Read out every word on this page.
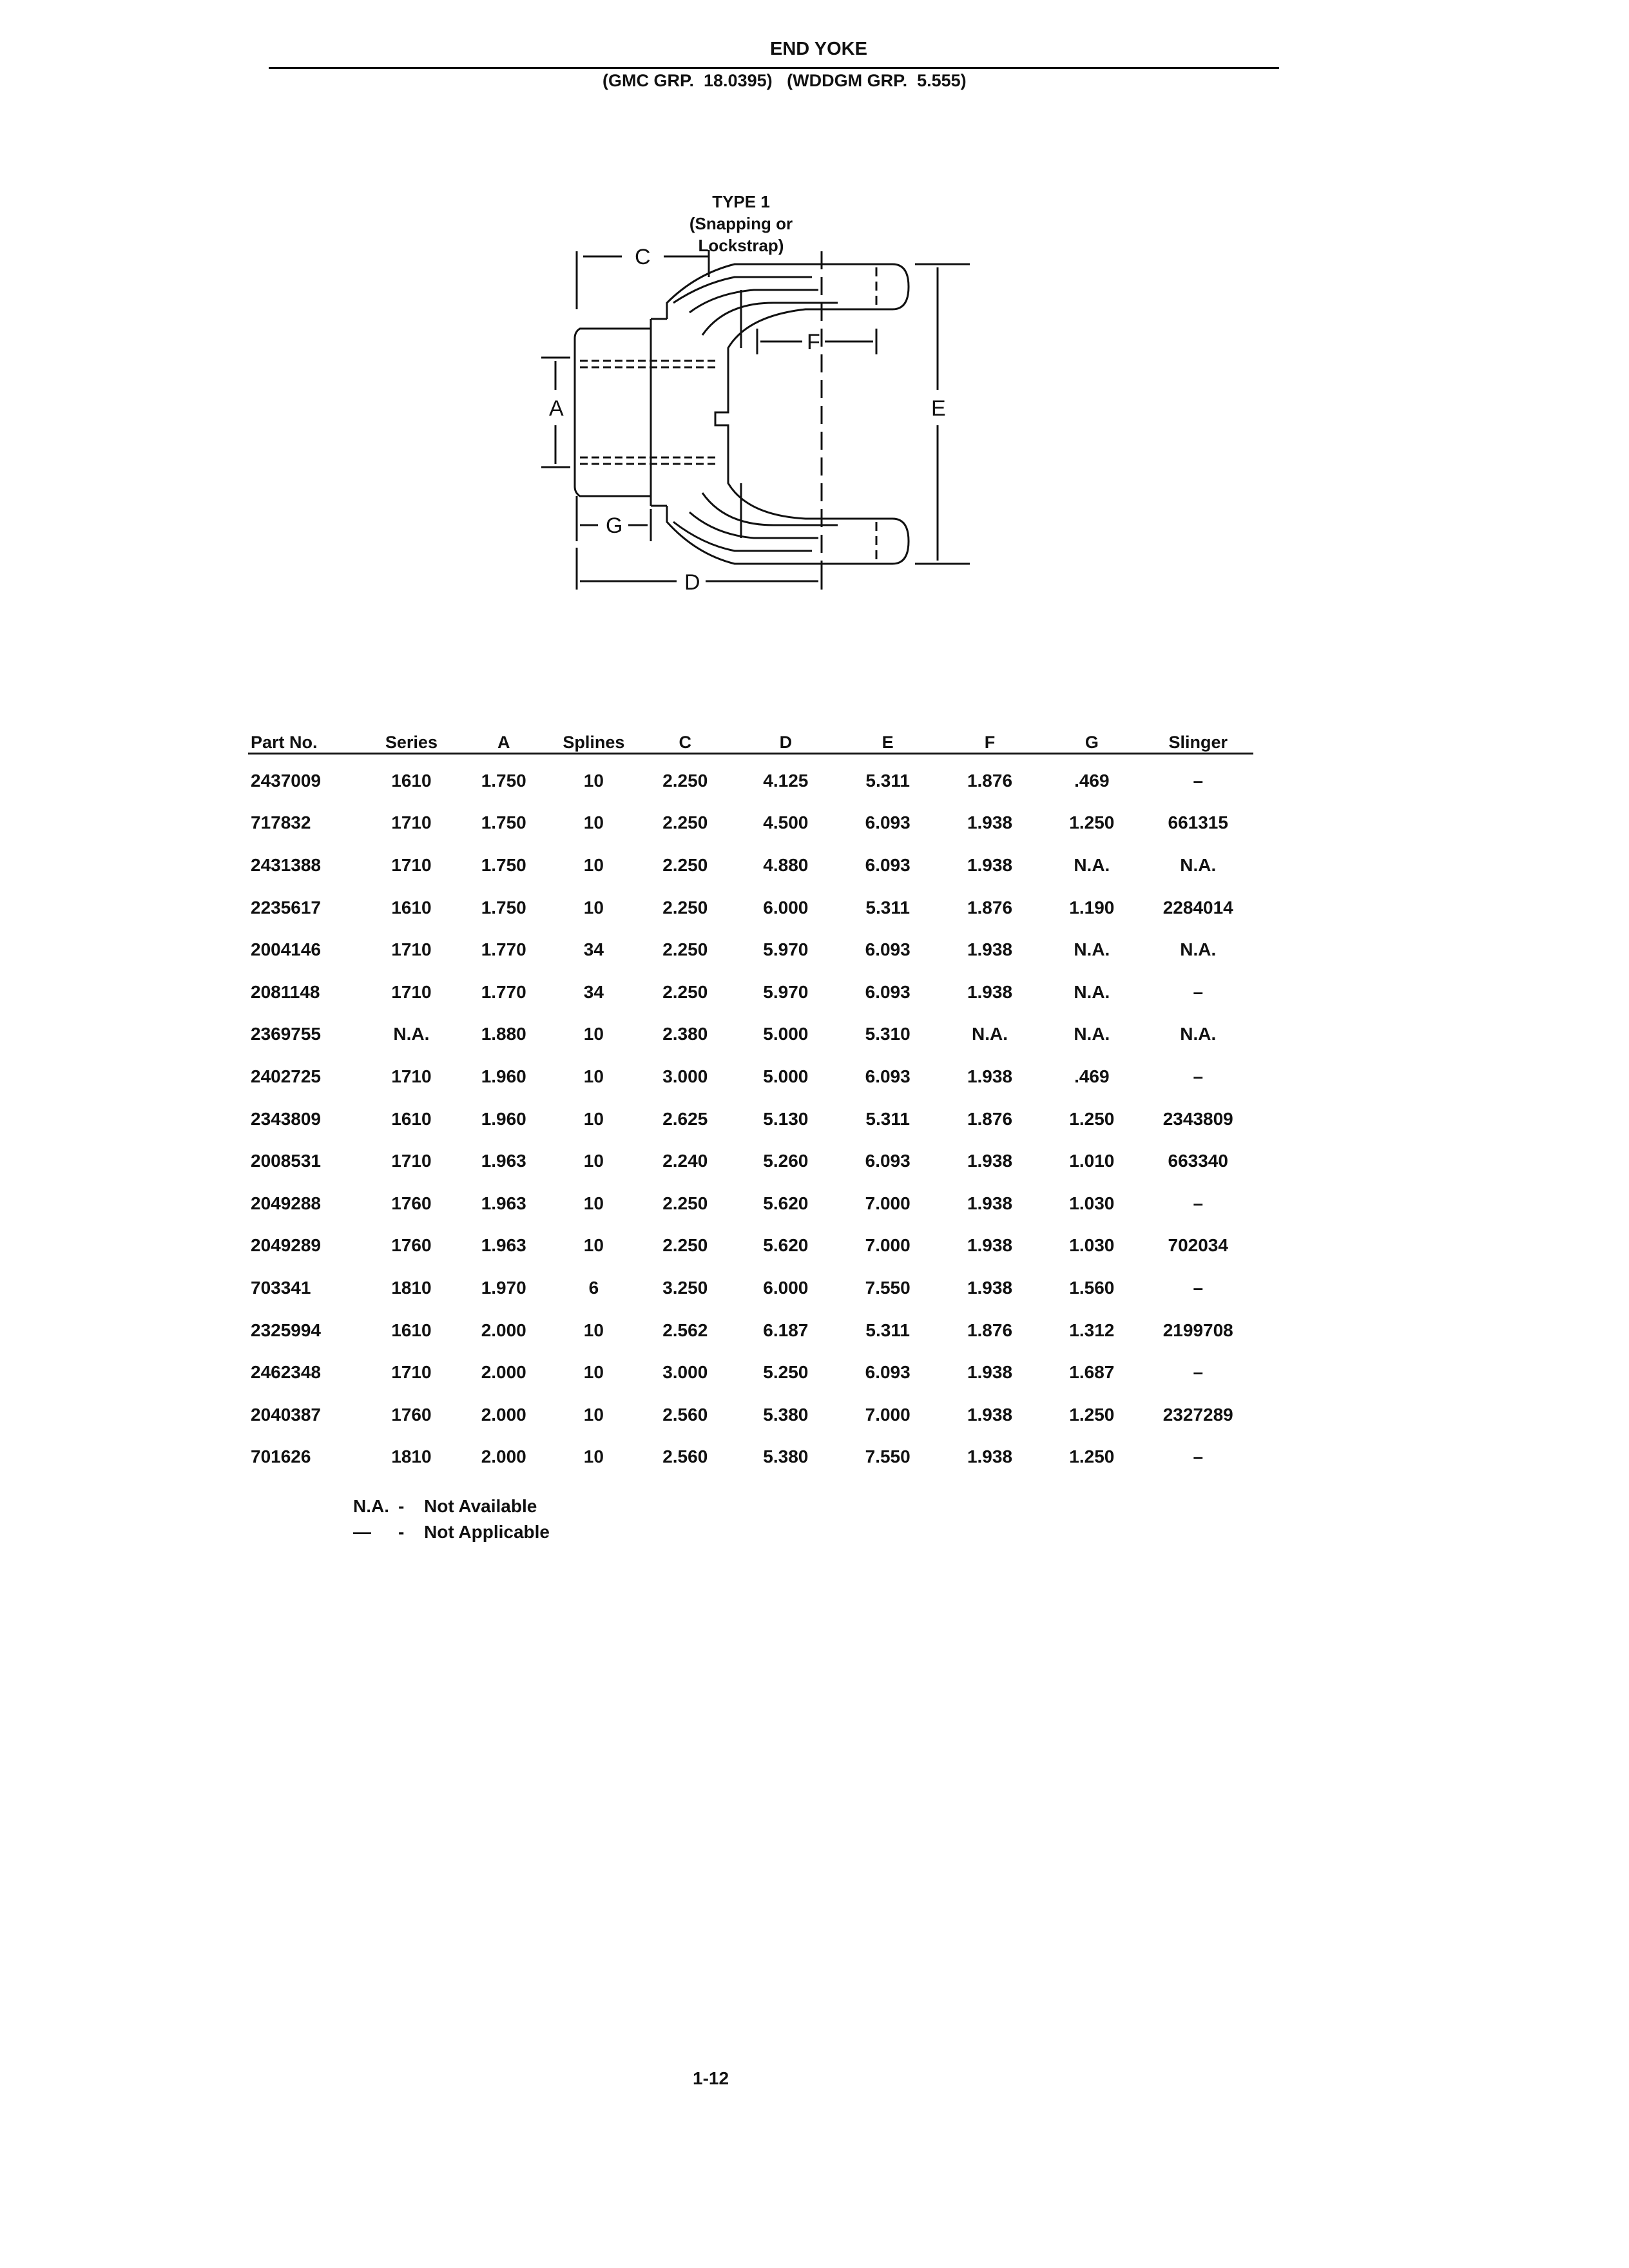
END YOKE
(GMC GRP.  18.0395)   (WDDGM GRP.  5.555)
TYPE 1
(Snapping or Lockstrap)
C
F
E
A
G
D
Part No.	Series	A	Splines	C	D	E	F	G	Slinger
2437009	1610	1.750	10	2.250	4.125	5.311	1.876	.469	–
717832	1710	1.750	10	2.250	4.500	6.093	1.938	1.250	661315
2431388	1710	1.750	10	2.250	4.880	6.093	1.938	N.A.	N.A.
2235617	1610	1.750	10	2.250	6.000	5.311	1.876	1.190	2284014
2004146	1710	1.770	34	2.250	5.970	6.093	1.938	N.A.	N.A.
2081148	1710	1.770	34	2.250	5.970	6.093	1.938	N.A.	–
2369755	N.A.	1.880	10	2.380	5.000	5.310	N.A.	N.A.	N.A.
2402725	1710	1.960	10	3.000	5.000	6.093	1.938	.469	–
2343809	1610	1.960	10	2.625	5.130	5.311	1.876	1.250	2343809
2008531	1710	1.963	10	2.240	5.260	6.093	1.938	1.010	663340
2049288	1760	1.963	10	2.250	5.620	7.000	1.938	1.030	–
2049289	1760	1.963	10	2.250	5.620	7.000	1.938	1.030	702034
703341	1810	1.970	6	3.250	6.000	7.550	1.938	1.560	–
2325994	1610	2.000	10	2.562	6.187	5.311	1.876	1.312	2199708
2462348	1710	2.000	10	3.000	5.250	6.093	1.938	1.687	–
2040387	1760	2.000	10	2.560	5.380	7.000	1.938	1.250	2327289
701626	1810	2.000	10	2.560	5.380	7.550	1.938	1.250	–
N.A. -	Not Available
—	-	Not Applicable
1-12
